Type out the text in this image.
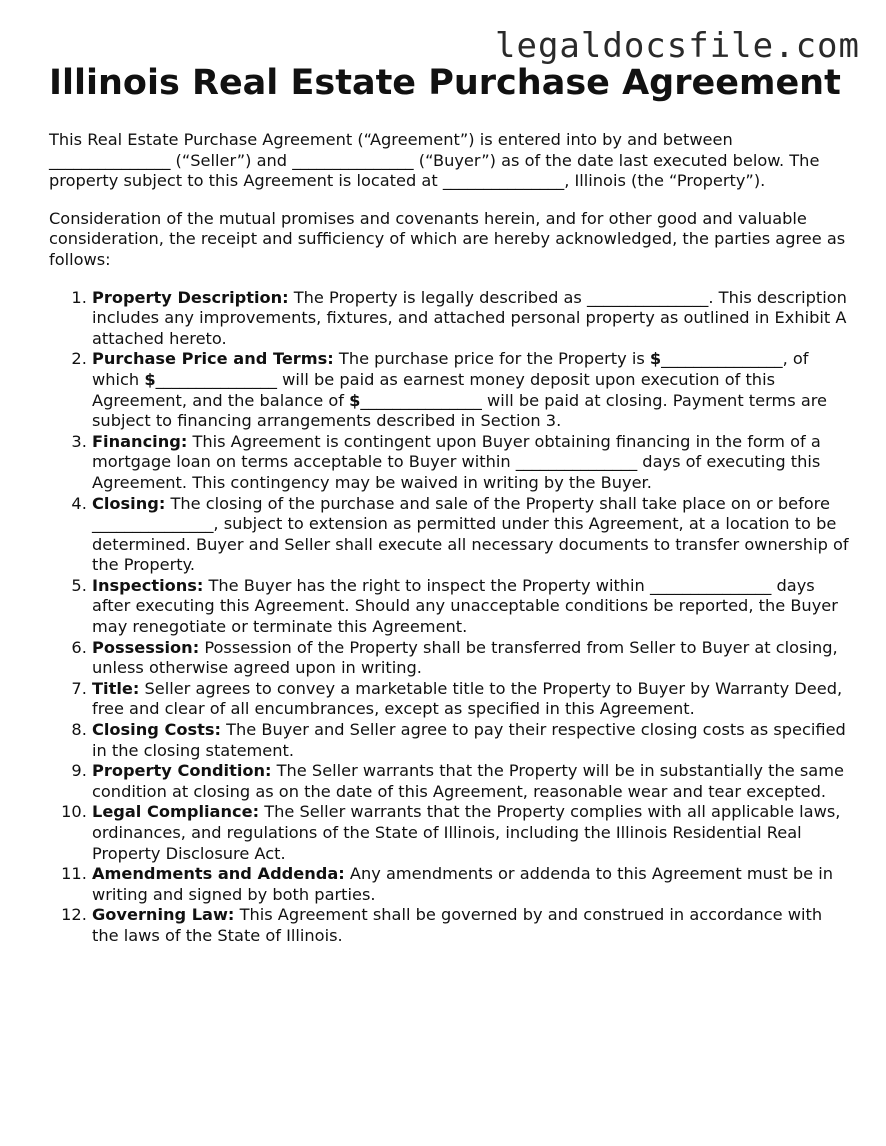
legaldocsfile.com
Illinois Real Estate Purchase Agreement

This Real Estate Purchase Agreement (“Agreement”) is entered into by and between _______________ (“Seller”) and _______________ (“Buyer”) as of the date last executed below. The property subject to this Agreement is located at _______________, Illinois (the “Property”).

Consideration of the mutual promises and covenants herein, and for other good and valuable consideration, the receipt and sufficiency of which are hereby acknowledged, the parties agree as follows:

1. Property Description: The Property is legally described as _______________. This description includes any improvements, fixtures, and attached personal property as outlined in Exhibit A attached hereto.
2. Purchase Price and Terms: The purchase price for the Property is $_______________, of which $_______________ will be paid as earnest money deposit upon execution of this Agreement, and the balance of $_______________ will be paid at closing. Payment terms are subject to financing arrangements described in Section 3.
3. Financing: This Agreement is contingent upon Buyer obtaining financing in the form of a mortgage loan on terms acceptable to Buyer within _______________ days of executing this Agreement. This contingency may be waived in writing by the Buyer.
4. Closing: The closing of the purchase and sale of the Property shall take place on or before _______________, subject to extension as permitted under this Agreement, at a location to be determined. Buyer and Seller shall execute all necessary documents to transfer ownership of the Property.
5. Inspections: The Buyer has the right to inspect the Property within _______________ days after executing this Agreement. Should any unacceptable conditions be reported, the Buyer may renegotiate or terminate this Agreement.
6. Possession: Possession of the Property shall be transferred from Seller to Buyer at closing, unless otherwise agreed upon in writing.
7. Title: Seller agrees to convey a marketable title to the Property to Buyer by Warranty Deed, free and clear of all encumbrances, except as specified in this Agreement.
8. Closing Costs: The Buyer and Seller agree to pay their respective closing costs as specified in the closing statement.
9. Property Condition: The Seller warrants that the Property will be in substantially the same condition at closing as on the date of this Agreement, reasonable wear and tear excepted.
10. Legal Compliance: The Seller warrants that the Property complies with all applicable laws, ordinances, and regulations of the State of Illinois, including the Illinois Residential Real Property Disclosure Act.
11. Amendments and Addenda: Any amendments or addenda to this Agreement must be in writing and signed by both parties.
12. Governing Law: This Agreement shall be governed by and construed in accordance with the laws of the State of Illinois.
